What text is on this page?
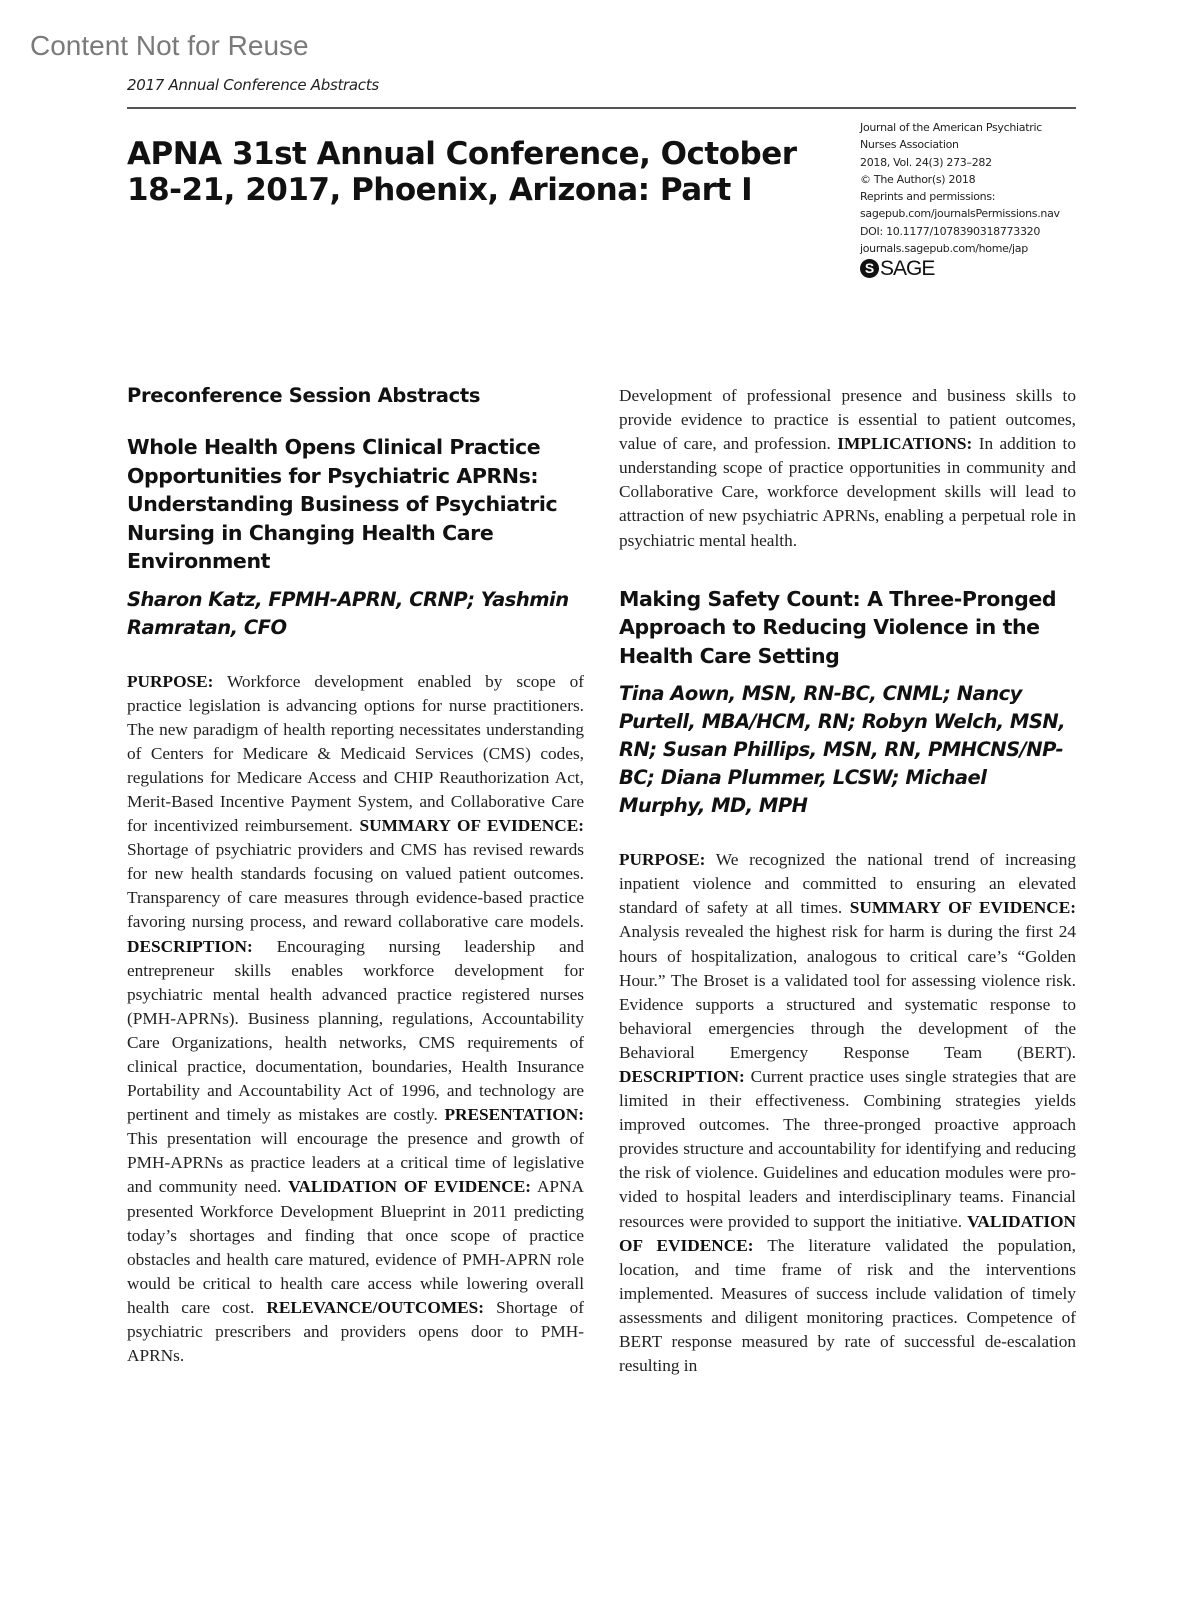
Content Not for Reuse
2017 Annual Conference Abstracts
APNA 31st Annual Conference, October 18-21, 2017, Phoenix, Arizona: Part I
Journal of the American Psychiatric
Nurses Association
2018, Vol. 24(3) 273–282
© The Author(s) 2018
Reprints and permissions:
sagepub.com/journalsPermissions.nav
DOI: 10.1177/1078390318773320
journals.sagepub.com/home/jap
S SAGE
Preconference Session Abstracts
Whole Health Opens Clinical Practice Opportunities for Psychiatric APRNs: Understanding Business of Psychiatric Nursing in Changing Health Care Environment
Sharon Katz, FPMH-APRN, CRNP; Yashmin Ramratan, CFO

PURPOSE: Workforce development enabled by scope of practice legislation is advancing options for nurse practitioners. The new paradigm of health reporting necessitates understanding of Centers for Medicare & Medicaid Services (CMS) codes, regulations for Medicare Access and CHIP Reauthorization Act, Merit-Based Incentive Payment System, and Collaborative Care for incentivized reimbursement. SUMMARY OF EVIDENCE: Shortage of psychiatric providers and CMS has revised rewards for new health standards focusing on valued patient outcomes. Transparency of care measures through evidence-based practice favoring nursing process, and reward collaborative care models. DESCRIPTION: Encouraging nursing leadership and entrepreneur skills enables workforce development for psychiatric mental health advanced practice registered nurses (PMH-APRNs). Business planning, regulations, Accountability Care Organizations, health networks, CMS requirements of clinical practice, documentation, boundaries, Health Insurance Portability and Accountability Act of 1996, and technology are pertinent and timely as mistakes are costly. PRESENTATION: This presentation will encourage the presence and growth of PMH-APRNs as practice leaders at a critical time of legislative and community need. VALIDATION OF EVIDENCE: APNA presented Workforce Development Blueprint in 2011 predicting today’s shortages and finding that once scope of practice obstacles and health care matured, evidence of PMH-APRN role would be critical to health care access while lowering overall health care cost. RELEVANCE/OUTCOMES: Shortage of psychiatric prescribers and providers opens door to PMH-APRNs.

Development of professional presence and business skills to provide evidence to practice is essential to patient outcomes, value of care, and profession. IMPLICATIONS: In addition to understanding scope of practice opportunities in community and Collaborative Care, workforce development skills will lead to attraction of new psychiatric APRNs, enabling a perpetual role in psychiatric mental health.

Making Safety Count: A Three-Pronged Approach to Reducing Violence in the Health Care Setting
Tina Aown, MSN, RN-BC, CNML; Nancy Purtell, MBA/HCM, RN; Robyn Welch, MSN, RN; Susan Phillips, MSN, RN, PMHCNS/NP-BC; Diana Plummer, LCSW; Michael Murphy, MD, MPH

PURPOSE: We recognized the national trend of increasing inpatient violence and committed to ensuring an elevated standard of safety at all times. SUMMARY OF EVIDENCE: Analysis revealed the highest risk for harm is during the first 24 hours of hospitalization, analogous to critical care’s “Golden Hour.” The Broset is a validated tool for assessing violence risk. Evidence supports a structured and systematic response to behavioral emergencies through the development of the Behavioral Emergency Response Team (BERT). DESCRIPTION: Current practice uses single strategies that are limited in their effectiveness. Combining strategies yields improved outcomes. The three-pronged proactive approach provides structure and accountability for identifying and reducing the risk of violence. Guidelines and education modules were provided to hospital leaders and interdisciplinary teams. Financial resources were provided to support the initiative. VALIDATION OF EVIDENCE: The literature validated the population, location, and time frame of risk and the interventions implemented. Measures of success include validation of timely assessments and diligent monitoring practices. Competence of BERT response measured by rate of successful de-escalation resulting in
